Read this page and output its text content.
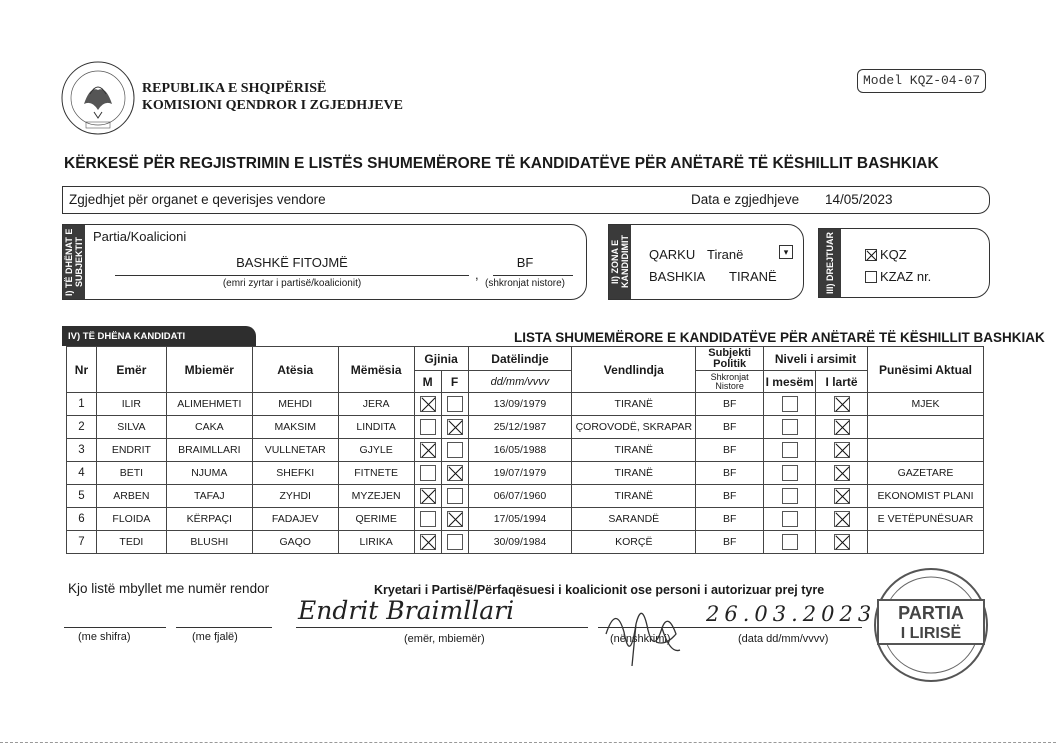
REPUBLIKA E SHQIPËRISË
KOMISIONI QENDROR I ZGJEDHJEVE
Model KQZ-04-07
KËRKESË PËR REGJISTRIMIN E LISTËS SHUMEMËRORE TË KANDIDATËVE PËR ANËTARË TË KËSHILLIT BASHKIAK
Zgjedhjet për organet e qeverisjes vendore	Data e zgjedhjeve 14/05/2023
I) TË DHËNAT E SUBJEKTIT
Partia/Koalicioni
BASHKË FITOJMË
(emri zyrtar i partisë/koalicionit)
,
BF
(shkronjat nistore)	II) ZONA E KANDIDIMIT QARKU Tiranë	▾
BASHKIA TIRANË	III) DREJTUAR	KQZ
KZAZ nr.
IV) TË DHËNA KANDIDATI	LISTA SHUMEMËRORE E KANDIDATËVE PËR ANËTARË TË KËSHILLIT BASHKIAK
Nr	Emër	Mbiemër	Atësia	Mëmësia	Gjinia		Datëlindje	Vendlindja	Subjekti Politik	Niveli i arsimit		Punësimi Aktual
					M	F	dd/mm/vvvv		Shkronjat Nistore	I mesëm	I lartë	
1	ILIR	ALIMEHMETI	MEHDI	JERA			13/09/1979	TIRANË	BF			MJEK
2	SILVA	CAKA	MAKSIM	LINDITA			25/12/1987	ÇOROVODË, SKRAPAR	BF			
3	ENDRIT	BRAIMLLARI	VULLNETAR	GJYLE			16/05/1988	TIRANË	BF			
4	BETI	NJUMA	SHEFKI	FITNETE			19/07/1979	TIRANË	BF			GAZETARE
5	ARBEN	TAFAJ	ZYHDI	MYZEJEN			06/07/1960	TIRANË	BF			EKONOMIST PLANI
6	FLOIDA	KËRPAÇI	FADAJEV	QERIME			17/05/1994	SARANDË	BF			E VETËPUNËSUAR
7	TEDI	BLUSHI	GAQO	LIRIKA			30/09/1984	KORÇË	BF			
Kjo listë mbyllet me numër rendor	Kryetari i Partisë/Përfaqësuesi i koalicionit ose personi i autorizuar prej tyre
(me shifra)	(me fjalë)	(emër, mbiemër)	(nënshkrimi)	(data dd/mm/vvvv)
Endrit Braimllari	26.03.2023 PARTIA
I LIRISË
